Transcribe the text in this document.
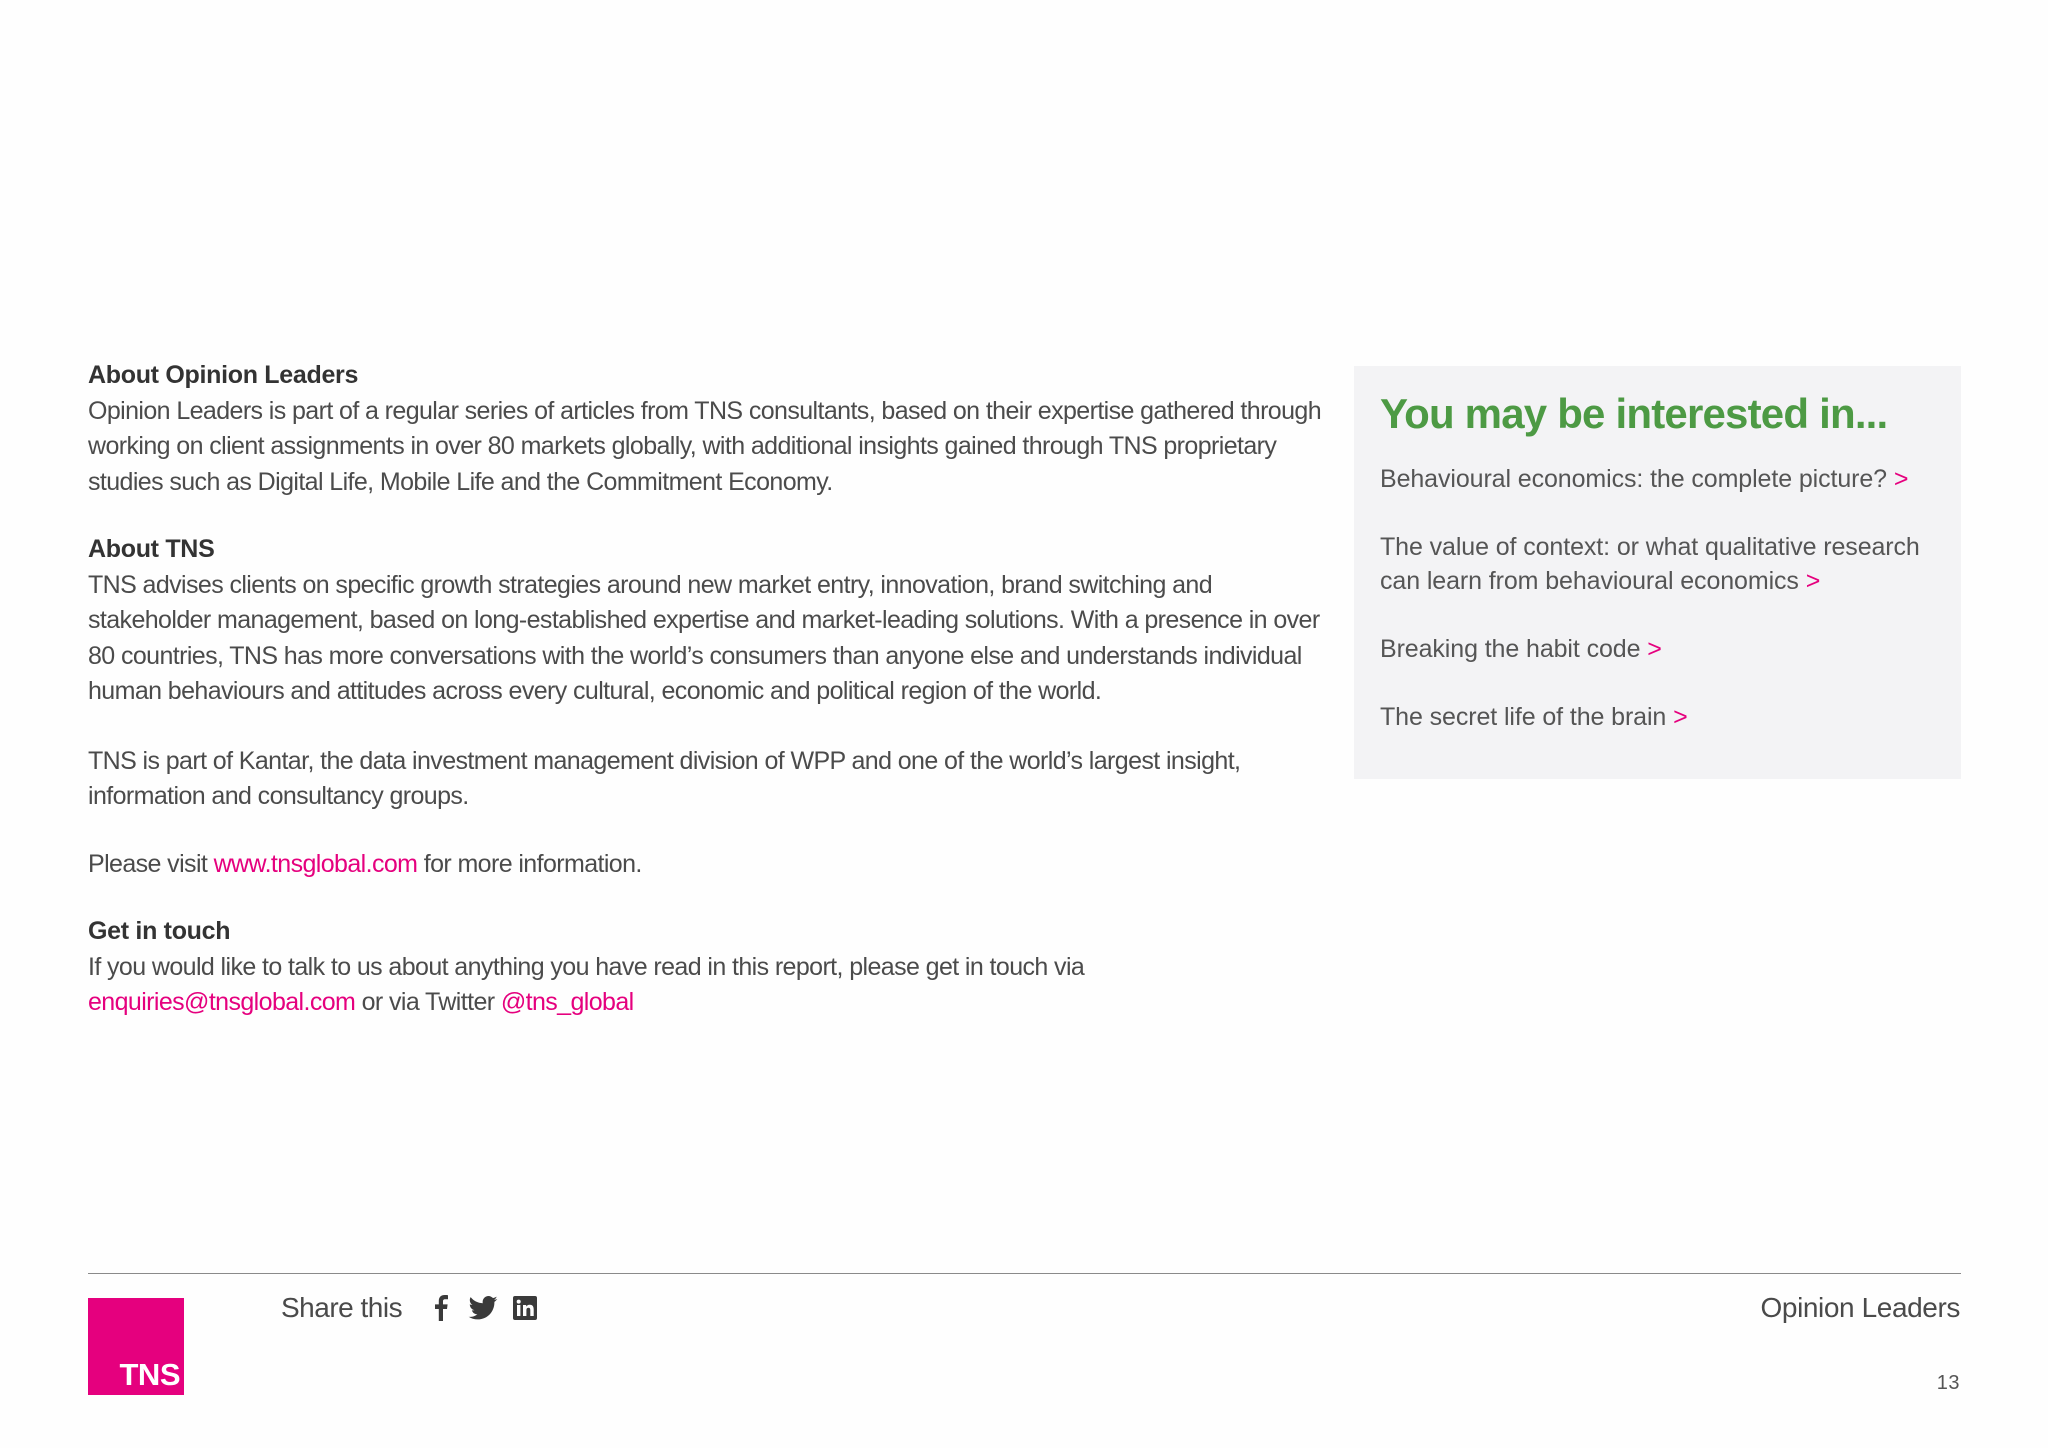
About Opinion Leaders

Opinion Leaders is part of a regular series of articles from TNS consultants, based on their expertise gathered through working on client assignments in over 80 markets globally, with additional insights gained through TNS proprietary studies such as Digital Life, Mobile Life and the Commitment Economy.

About TNS

TNS advises clients on specific growth strategies around new market entry, innovation, brand switching and stakeholder management, based on long-established expertise and market-leading solutions. With a presence in over 80 countries, TNS has more conversations with the world’s consumers than anyone else and understands individual human behaviours and attitudes across every cultural, economic and political region of the world.

TNS is part of Kantar, the data investment management division of WPP and one of the world’s largest insight, information and consultancy groups.

Please visit www.tnsglobal.com for more information.

Get in touch

If you would like to talk to us about anything you have read in this report, please get in touch via enquiries@tnsglobal.com or via Twitter @tns_global

You may be interested in...
Behavioural economics: the complete picture? >
The value of context: or what qualitative research can learn from behavioural economics >
Breaking the habit code >
The secret life of the brain >
TNS
Share this	Opinion Leaders
13
